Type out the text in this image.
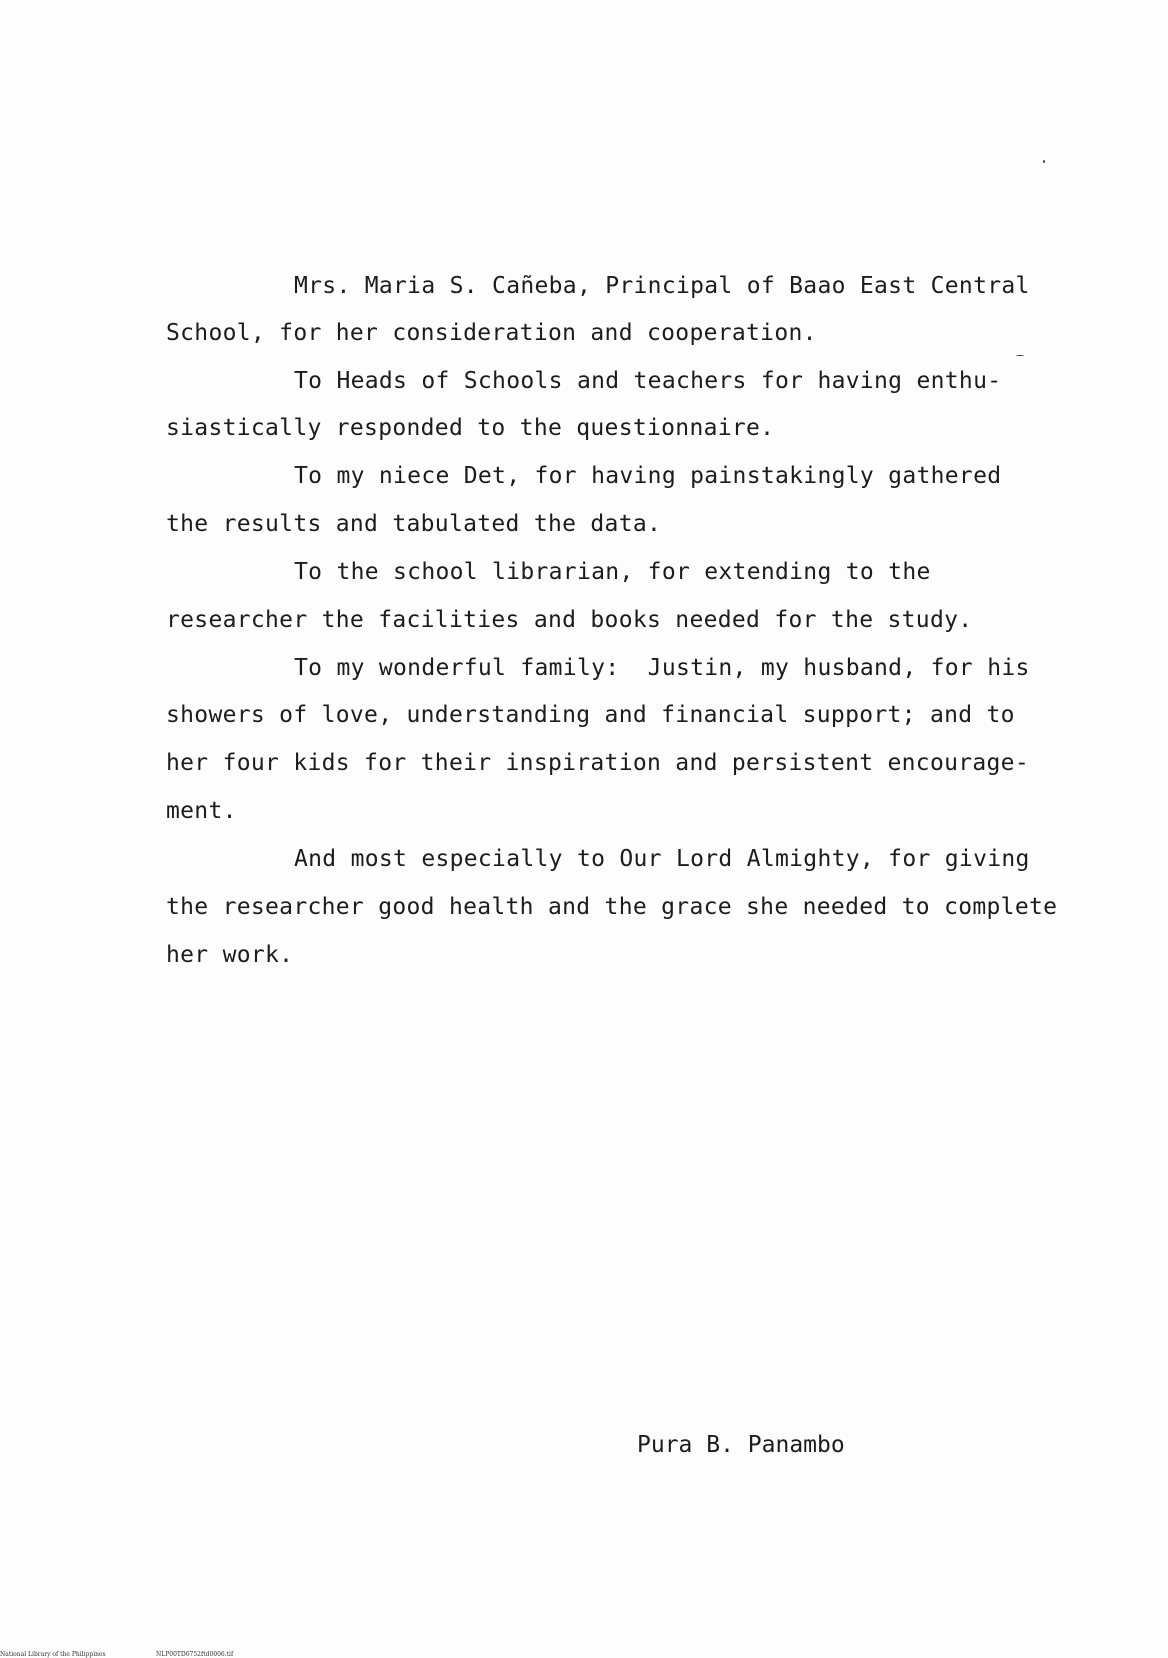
Mrs. Maria S. Cañeba, Principal of Baao East Central
School, for her consideration and cooperation.
To Heads of Schools and teachers for having enthu-
siastically responded to the questionnaire.
To my niece Det, for having painstakingly gathered
the results and tabulated the data.
To the school librarian, for extending to the
researcher the facilities and books needed for the study.
To my wonderful family:  Justin, my husband, for his
showers of love, understanding and financial support; and to
her four kids for their inspiration and persistent encourage-
ment.
And most especially to Our Lord Almighty, for giving
the researcher good health and the grace she needed to complete
her work.
Pura B. Panambo
National Library of the Philippines	NLP00TD6752ftd0006.tif
